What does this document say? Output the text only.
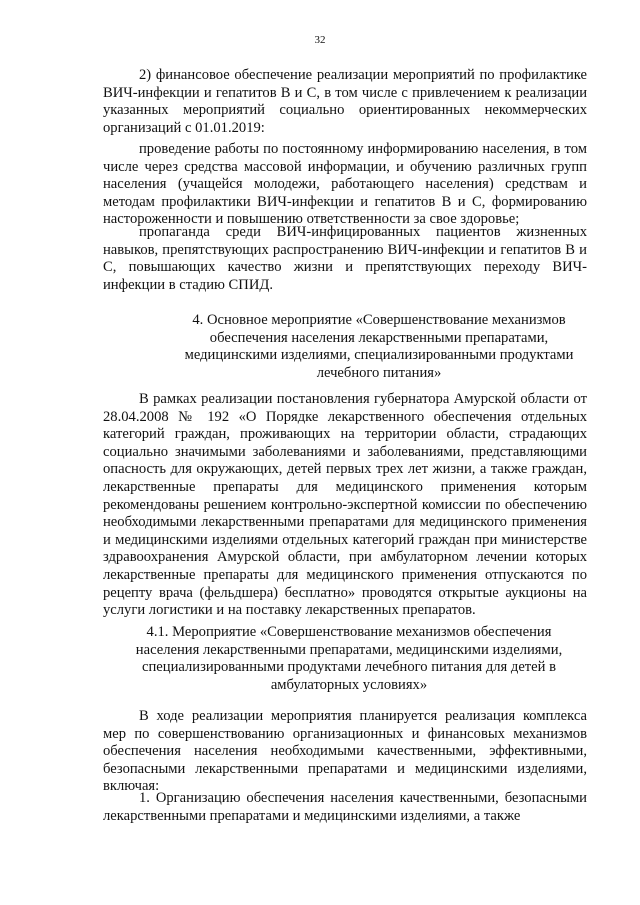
32
2) финансовое обеспечение реализации мероприятий по профилактике ВИЧ-инфекции и гепатитов В и С, в том числе с привлечением к реализации указанных мероприятий социально ориентированных некоммерческих организаций с 01.01.2019:
проведение работы по постоянному информированию населения, в том числе через средства массовой информации, и обучению различных групп населения (учащейся молодежи, работающего населения) средствам и методам профилактики ВИЧ-инфекции и гепатитов В и С, формированию настороженности и повышению ответственности за свое здоровье;
пропаганда среди ВИЧ-инфицированных пациентов жизненных навыков, препятствующих распространению ВИЧ-инфекции и гепатитов В и С, повышающих качество жизни и препятствующих переходу ВИЧ-инфекции в стадию СПИД.
4. Основное мероприятие «Совершенствование механизмов обеспечения населения лекарственными препаратами, медицинскими изделиями, специализированными продуктами лечебного питания»
В рамках реализации постановления губернатора Амурской области от 28.04.2008 № 192 «О Порядке лекарственного обеспечения отдельных категорий граждан, проживающих на территории области, страдающих социально значимыми заболеваниями и заболеваниями, представляющими опасность для окружающих, детей первых трех лет жизни, а также граждан, лекарственные препараты для медицинского применения которым рекомендованы решением контрольно-экспертной комиссии по обеспечению необходимыми лекарственными препаратами для медицинского применения и медицинскими изделиями отдельных категорий граждан при министерстве здравоохранения Амурской области, при амбулаторном лечении которых лекарственные препараты для медицинского применения отпускаются по рецепту врача (фельдшера) бесплатно» проводятся открытые аукционы на услуги логистики и на поставку лекарственных препаратов.
4.1. Мероприятие «Совершенствование механизмов обеспечения населения лекарственными препаратами, медицинскими изделиями, специализированными продуктами лечебного питания для детей в амбулаторных условиях»
В ходе реализации мероприятия планируется реализация комплекса мер по совершенствованию организационных и финансовых механизмов обеспечения населения необходимыми качественными, эффективными, безопасными лекарственными препаратами и медицинскими изделиями, включая:
1. Организацию обеспечения населения качественными, безопасными лекарственными препаратами и медицинскими изделиями, а также
